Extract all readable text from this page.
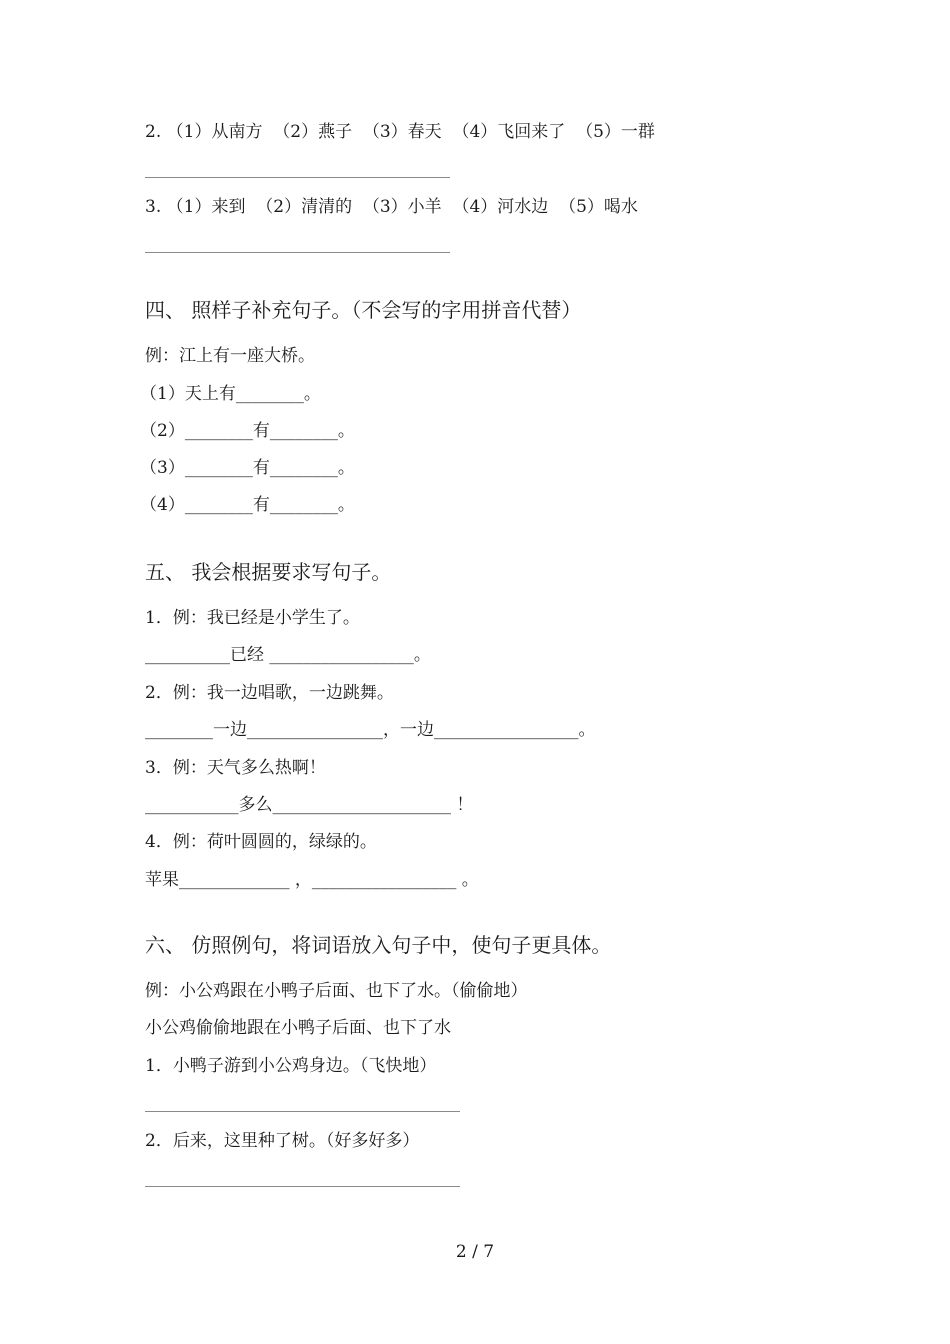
2. （1）从南方  （2）燕子  （3）春天  （4）飞回来了  （5）一群
3. （1）来到  （2）清清的  （3）小羊  （4）河水边  （5）喝水
四、 照样子补充句子。（不会写的字用拼音代替）
例：江上有一座大桥。
（1）天上有________。
（2）________有________。
（3）________有________。
（4）________有________。
五、 我会根据要求写句子。
1．例：我已经是小学生了。
__________已经 _________________。
2．例：我一边唱歌，一边跳舞。
________一边________________，一边_________________。
3．例：天气多么热啊！
___________多么_____________________ ！
4．例：荷叶圆圆的，绿绿的。
苹果_____________ ，_________________ 。
六、 仿照例句，将词语放入句子中，使句子更具体。
例：小公鸡跟在小鸭子后面、也下了水。（偷偷地）
小公鸡偷偷地跟在小鸭子后面、也下了水
1．小鸭子游到小公鸡身边。（飞快地）
2．后来，这里种了树。（好多好多）
2 / 7
